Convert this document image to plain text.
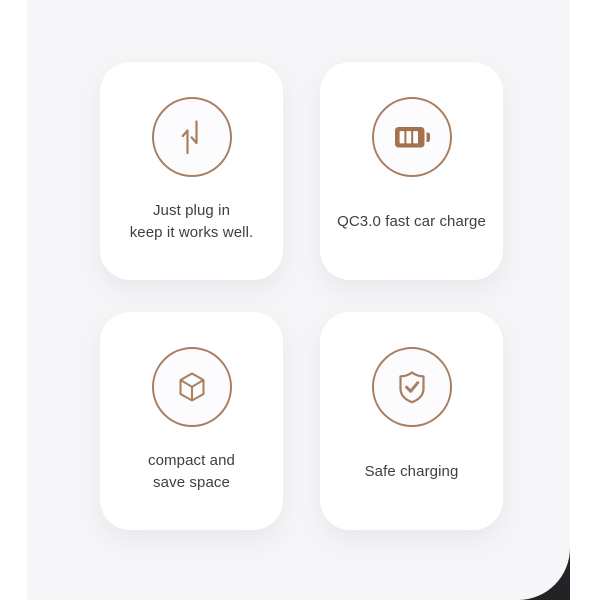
Just plug in
keep it works well.
QC3.0 fast car charge
compact and
save space
Safe charging
